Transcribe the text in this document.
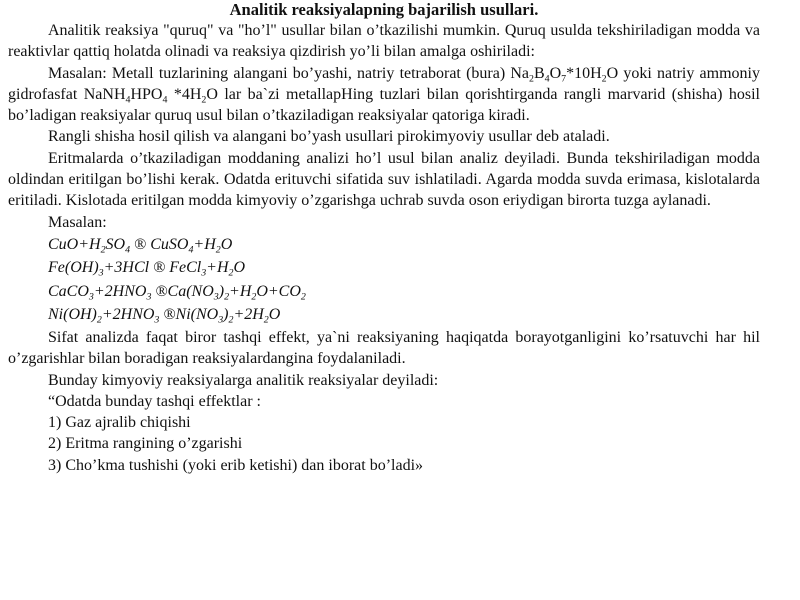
Analitik reaksiyalapning bajarilish usullari.

Analitik reaksiya "quruq" va "ho’l" usullar bilan o’tkazilishi mumkin. Quruq usulda tekshiriladigan modda va reaktivlar qattiq holatda olinadi va reaksiya qizdirish yo’li bilan amalga oshiriladi:

Masalan: Metall tuzlarining alangani bo’yashi, natriy tetraborat (bura) $Na_2B_4O_7*10H_2O$ yoki natriy ammoniy gidrofasfat $NaNH_4HPO_4$ $*4H_2O$ lar ba`zi metallapHing tuzlari bilan qorishtirganda rangli marvarid (shisha) hosil bo’ladigan reaksiyalar quruq usul bilan o’tkaziladigan reaksiyalar qatoriga kiradi.

Rangli shisha hosil qilish va alangani bo’yash usullari pirokimyoviy usullar deb ataladi.

Eritmalarda o’tkaziladigan moddaning analizi ho’l usul bilan analiz deyiladi. Bunda tekshiriladigan modda oldindan eritilgan bo’lishi kerak. Odatda erituvchi sifatida suv ishlatiladi. Agarda modda suvda erimasa, kislotalarda eritiladi. Kislotada eritilgan modda kimyoviy o’zgarishga uchrab suvda oson eriydigan birorta tuzga aylanadi.

Masalan:

$CuO+H_2SO_4$ ® $CuSO_4+H_2O$

$Fe(OH)_3+3HCl$ ® $FeCl_3+H_2O$

$CaCO_3+2HNO_3$ $®Ca(NO_3)_2+H_2O+CO_2$

$Ni(OH)_2+2HNO_3$ $®Ni(NO_3)_2+2H_2O$

Sifat analizda faqat biror tashqi effekt, ya`ni reaksiyaning haqiqatda borayotganligini ko’rsatuvchi har hil o’zgarishlar bilan boradigan reaksiyalardangina foydalaniladi.

Bunday kimyoviy reaksiyalarga analitik reaksiyalar deyiladi:

“Odatda bunday tashqi effektlar :

1) Gaz ajralib chiqishi

2) Eritma rangining o’zgarishi

3) Cho’kma tushishi (yoki erib ketishi) dan iborat bo’ladi»
